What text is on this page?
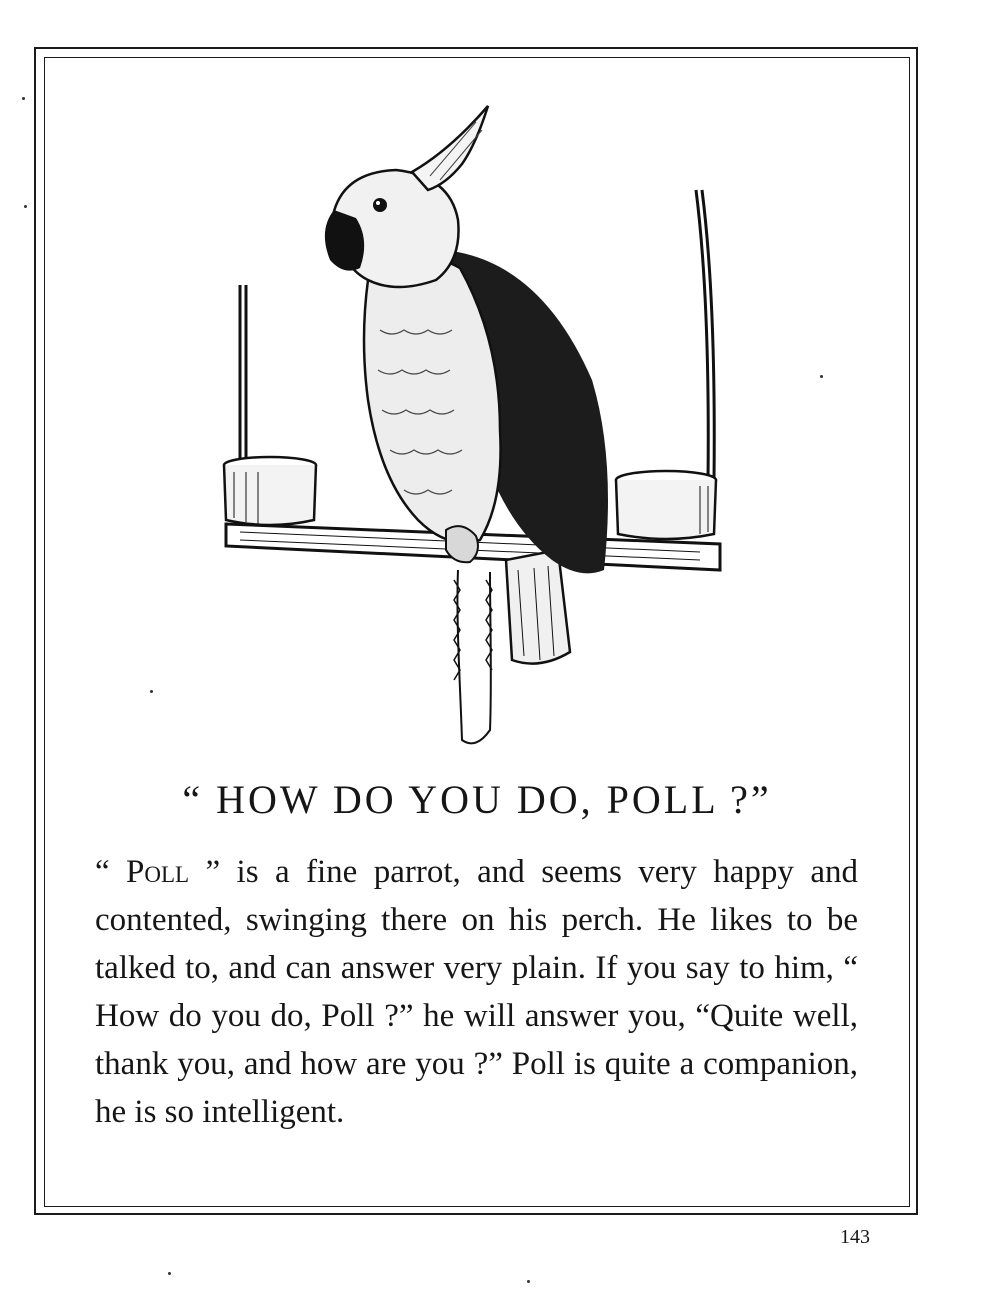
“ HOW DO YOU DO, POLL ?”

“ Poll ” is a fine parrot, and seems very happy and contented, swinging there on his perch. He likes to be talked to, and can answer very plain. If you say to him, “ How do you do, Poll ?” he will answer you, “Quite well, thank you, and how are you ?” Poll is quite a companion, he is so intelligent.

143
